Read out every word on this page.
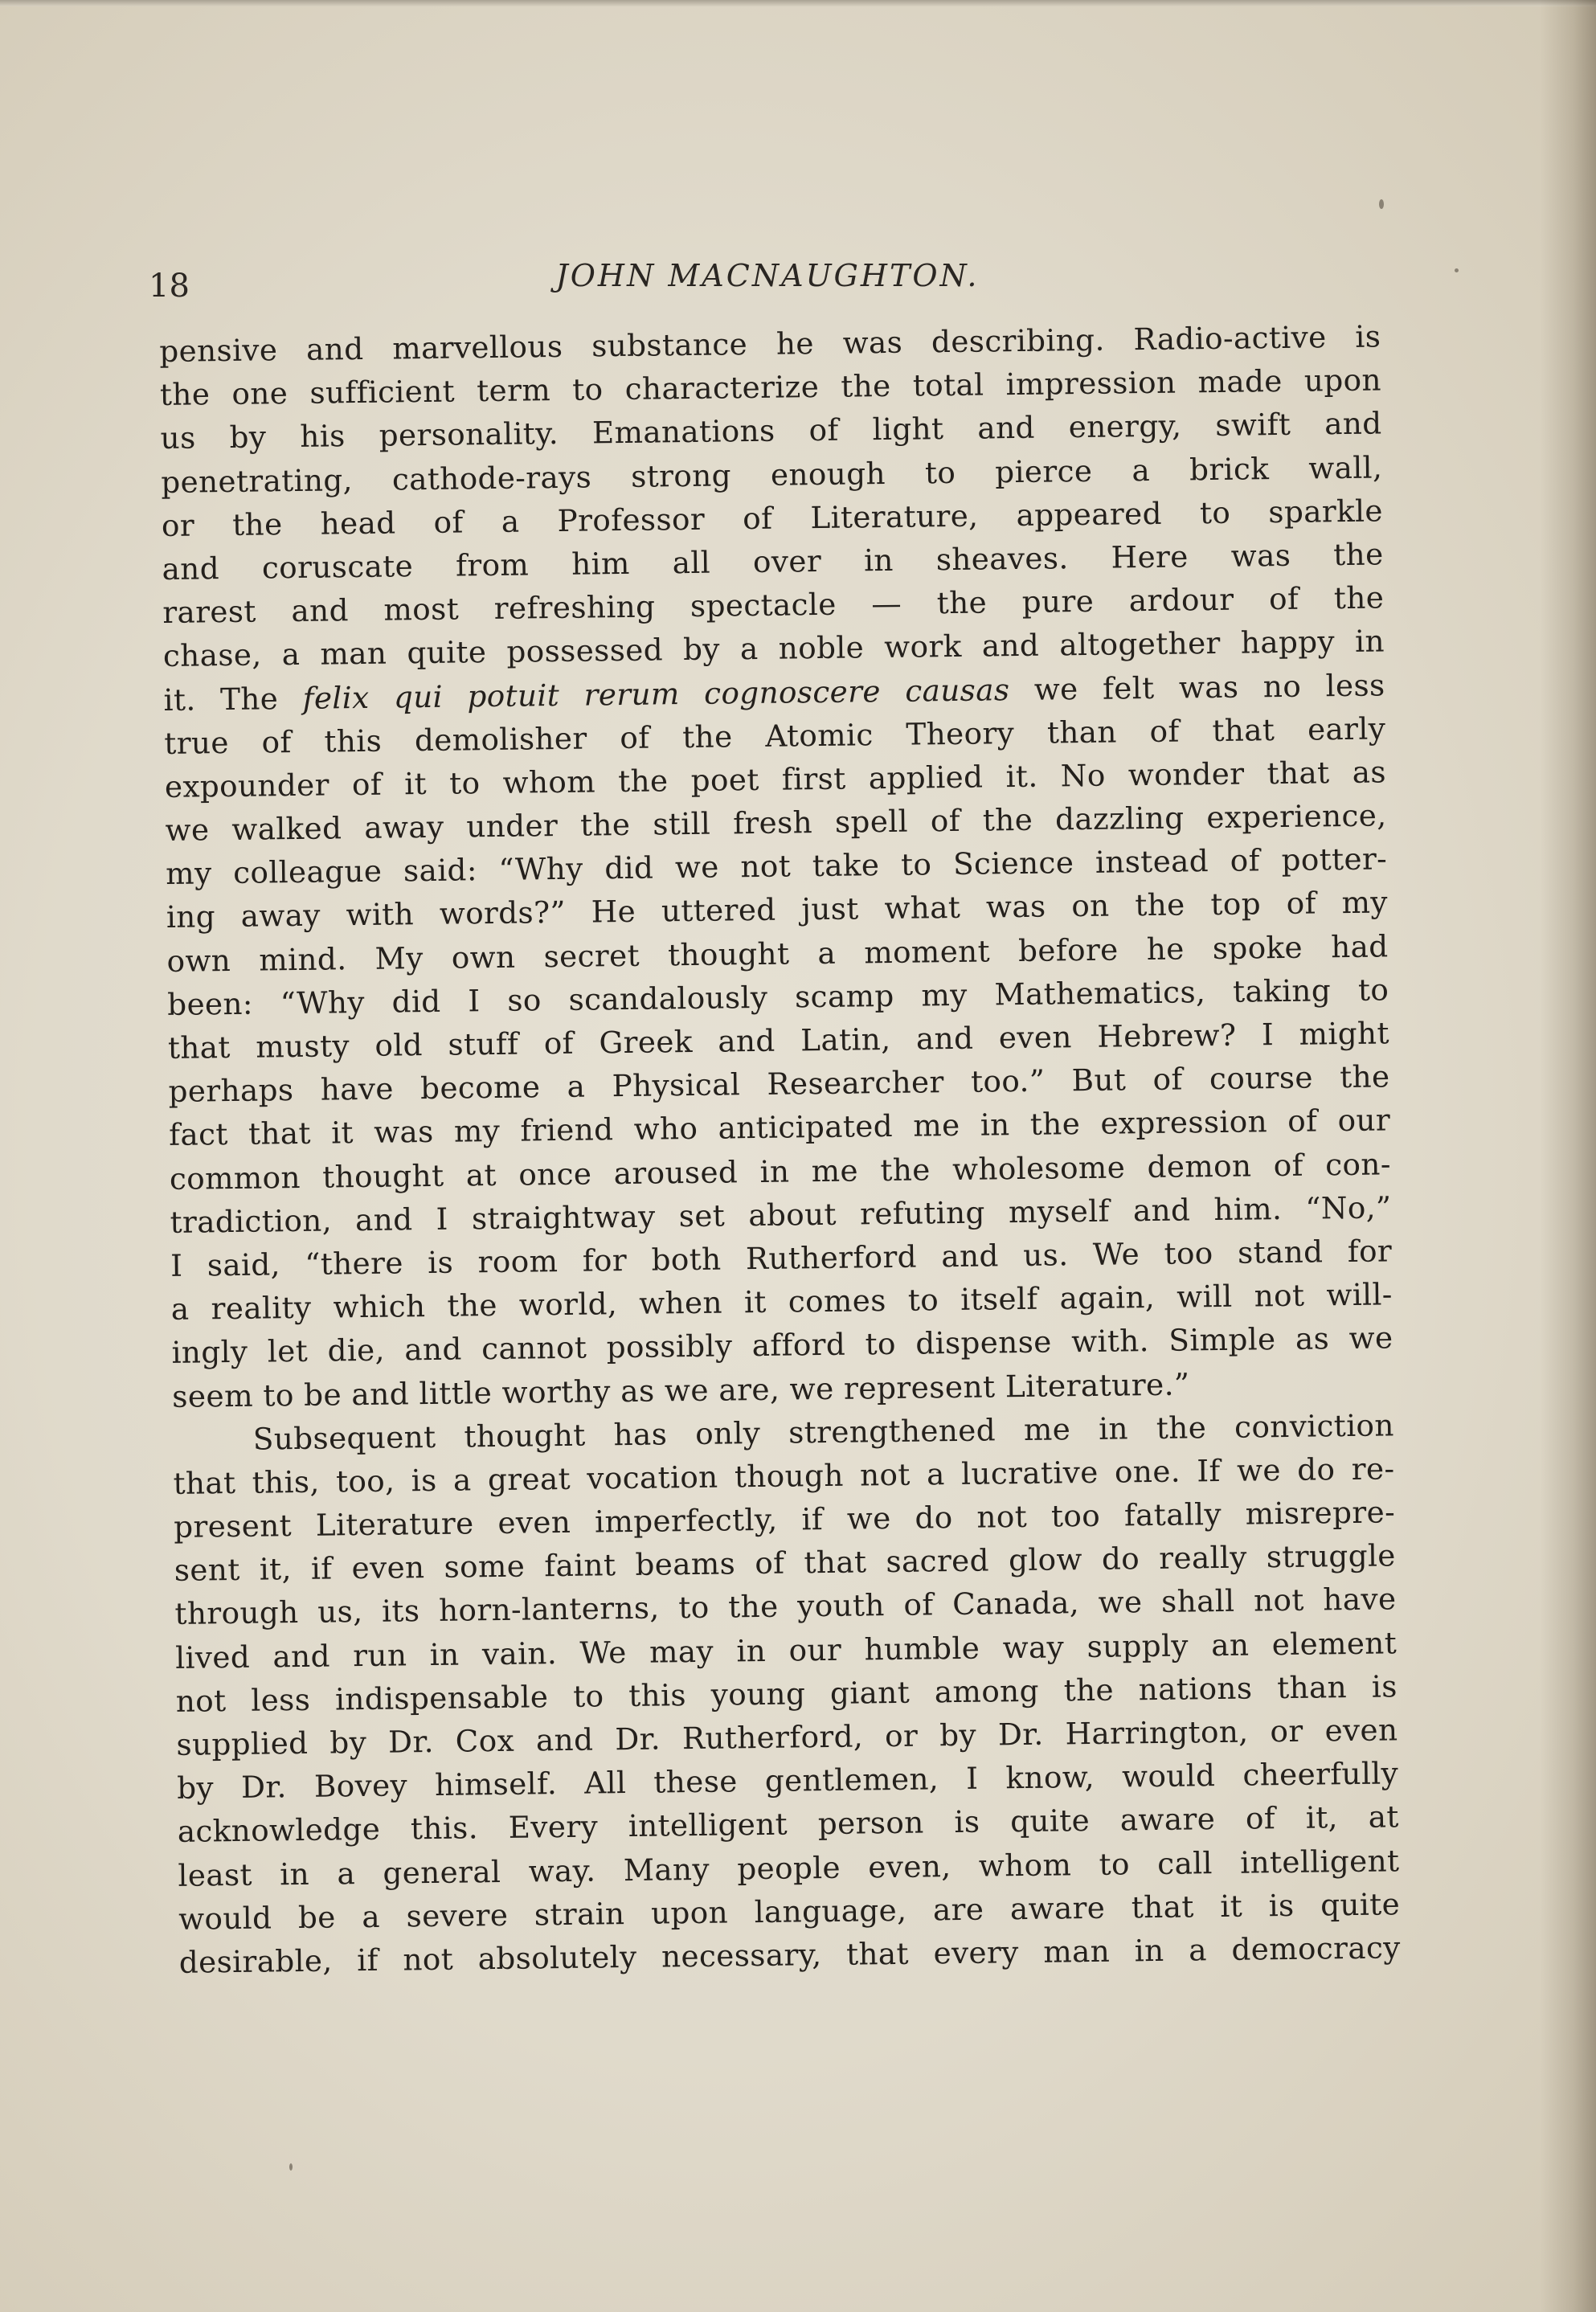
18	JOHN MACNAUGHTON.
pensive and marvellous substance he was describing. Radio-active is
the one sufficient term to characterize the total impression made upon
us by his personality. Emanations of light and energy, swift and
penetrating, cathode-rays strong enough to pierce a brick wall,
or the head of a Professor of Literature, appeared to sparkle
and coruscate from him all over in sheaves. Here was the
rarest and most refreshing spectacle — the pure ardour of the
chase, a man quite possessed by a noble work and altogether happy in
it. The felix qui potuit rerum cognoscere causas we felt was no less
true of this demolisher of the Atomic Theory than of that early
expounder of it to whom the poet first applied it. No wonder that as
we walked away under the still fresh spell of the dazzling experience,
my colleague said: “Why did we not take to Science instead of potter-
ing away with words?” He uttered just what was on the top of my
own mind. My own secret thought a moment before he spoke had
been: “Why did I so scandalously scamp my Mathematics, taking to
that musty old stuff of Greek and Latin, and even Hebrew? I might
perhaps have become a Physical Researcher too.” But of course the
fact that it was my friend who anticipated me in the expression of our
common thought at once aroused in me the wholesome demon of con-
tradiction, and I straightway set about refuting myself and him. “No,”
I said, “there is room for both Rutherford and us. We too stand for
a reality which the world, when it comes to itself again, will not will-
ingly let die, and cannot possibly afford to dispense with. Simple as we
seem to be and little worthy as we are, we represent Literature.”
Subsequent thought has only strengthened me in the conviction
that this, too, is a great vocation though not a lucrative one. If we do re-
present Literature even imperfectly, if we do not too fatally misrepre-
sent it, if even some faint beams of that sacred glow do really struggle
through us, its horn-lanterns, to the youth of Canada, we shall not have
lived and run in vain. We may in our humble way supply an element
not less indispensable to this young giant among the nations than is
supplied by Dr. Cox and Dr. Rutherford, or by Dr. Harrington, or even
by Dr. Bovey himself. All these gentlemen, I know, would cheerfully
acknowledge this. Every intelligent person is quite aware of it, at
least in a general way. Many people even, whom to call intelligent
would be a severe strain upon language, are aware that it is quite
desirable, if not absolutely necessary, that every man in a democracy
